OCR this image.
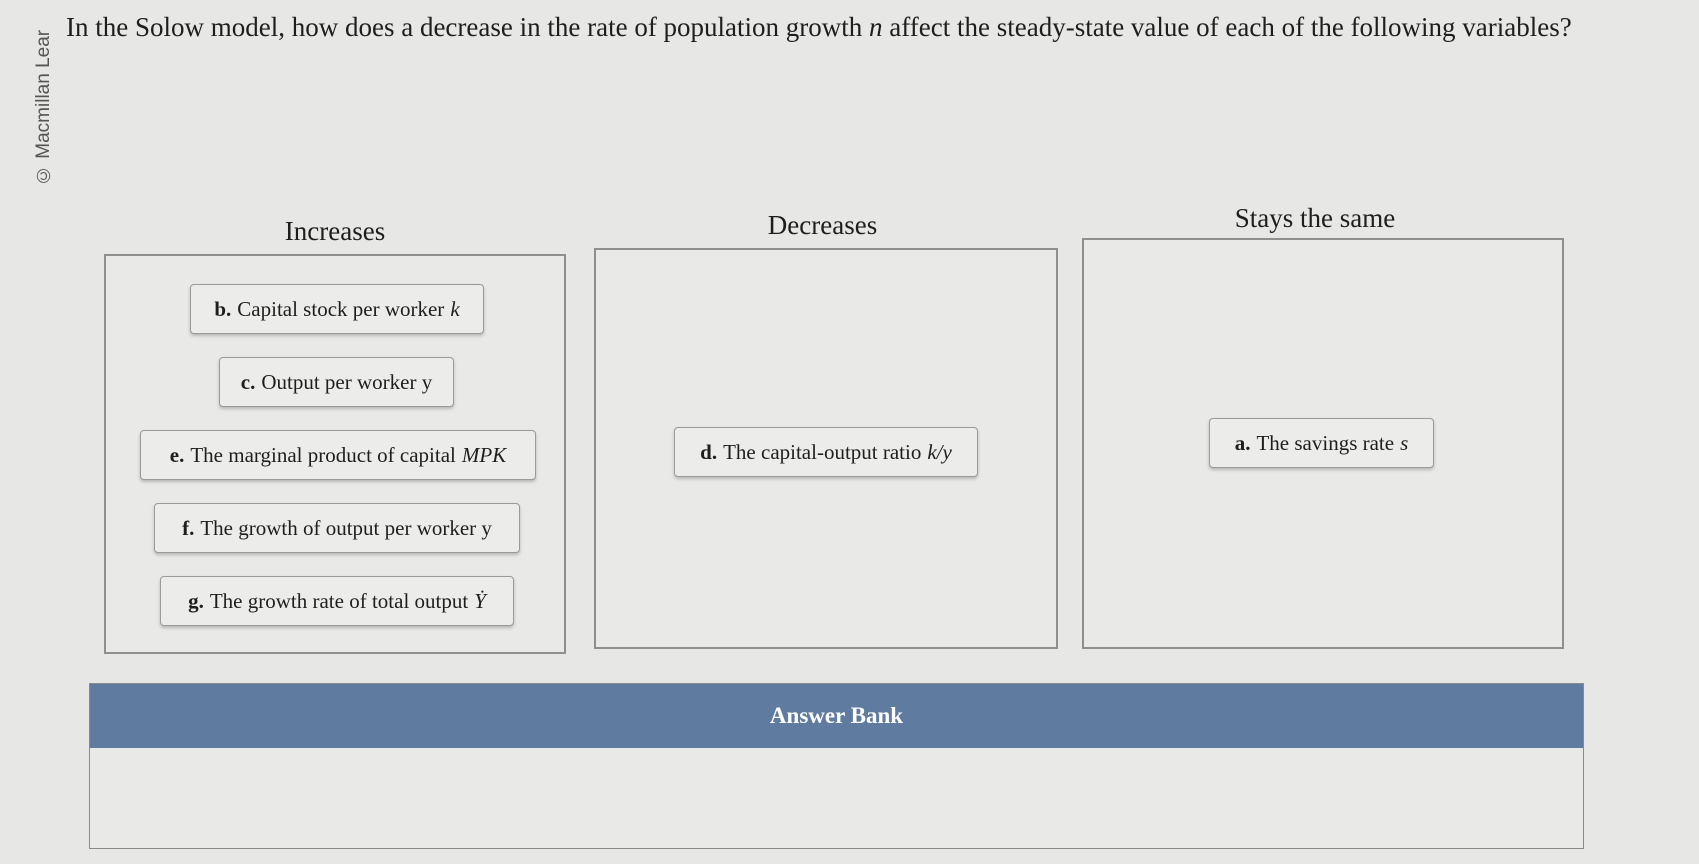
© Macmillan Lear

In the Solow model, how does a decrease in the rate of population growth n affect the steady-state value of each of the following variables?

Increases	Decreases	Stays the same
b. Capital stock per worker k
c. Output per worker y
e. The marginal product of capital MPK
f. The growth of output per worker y
g. The growth rate of total output Ẏ
d. The capital-output ratio k/y	a. The savings rate s
Answer Bank
